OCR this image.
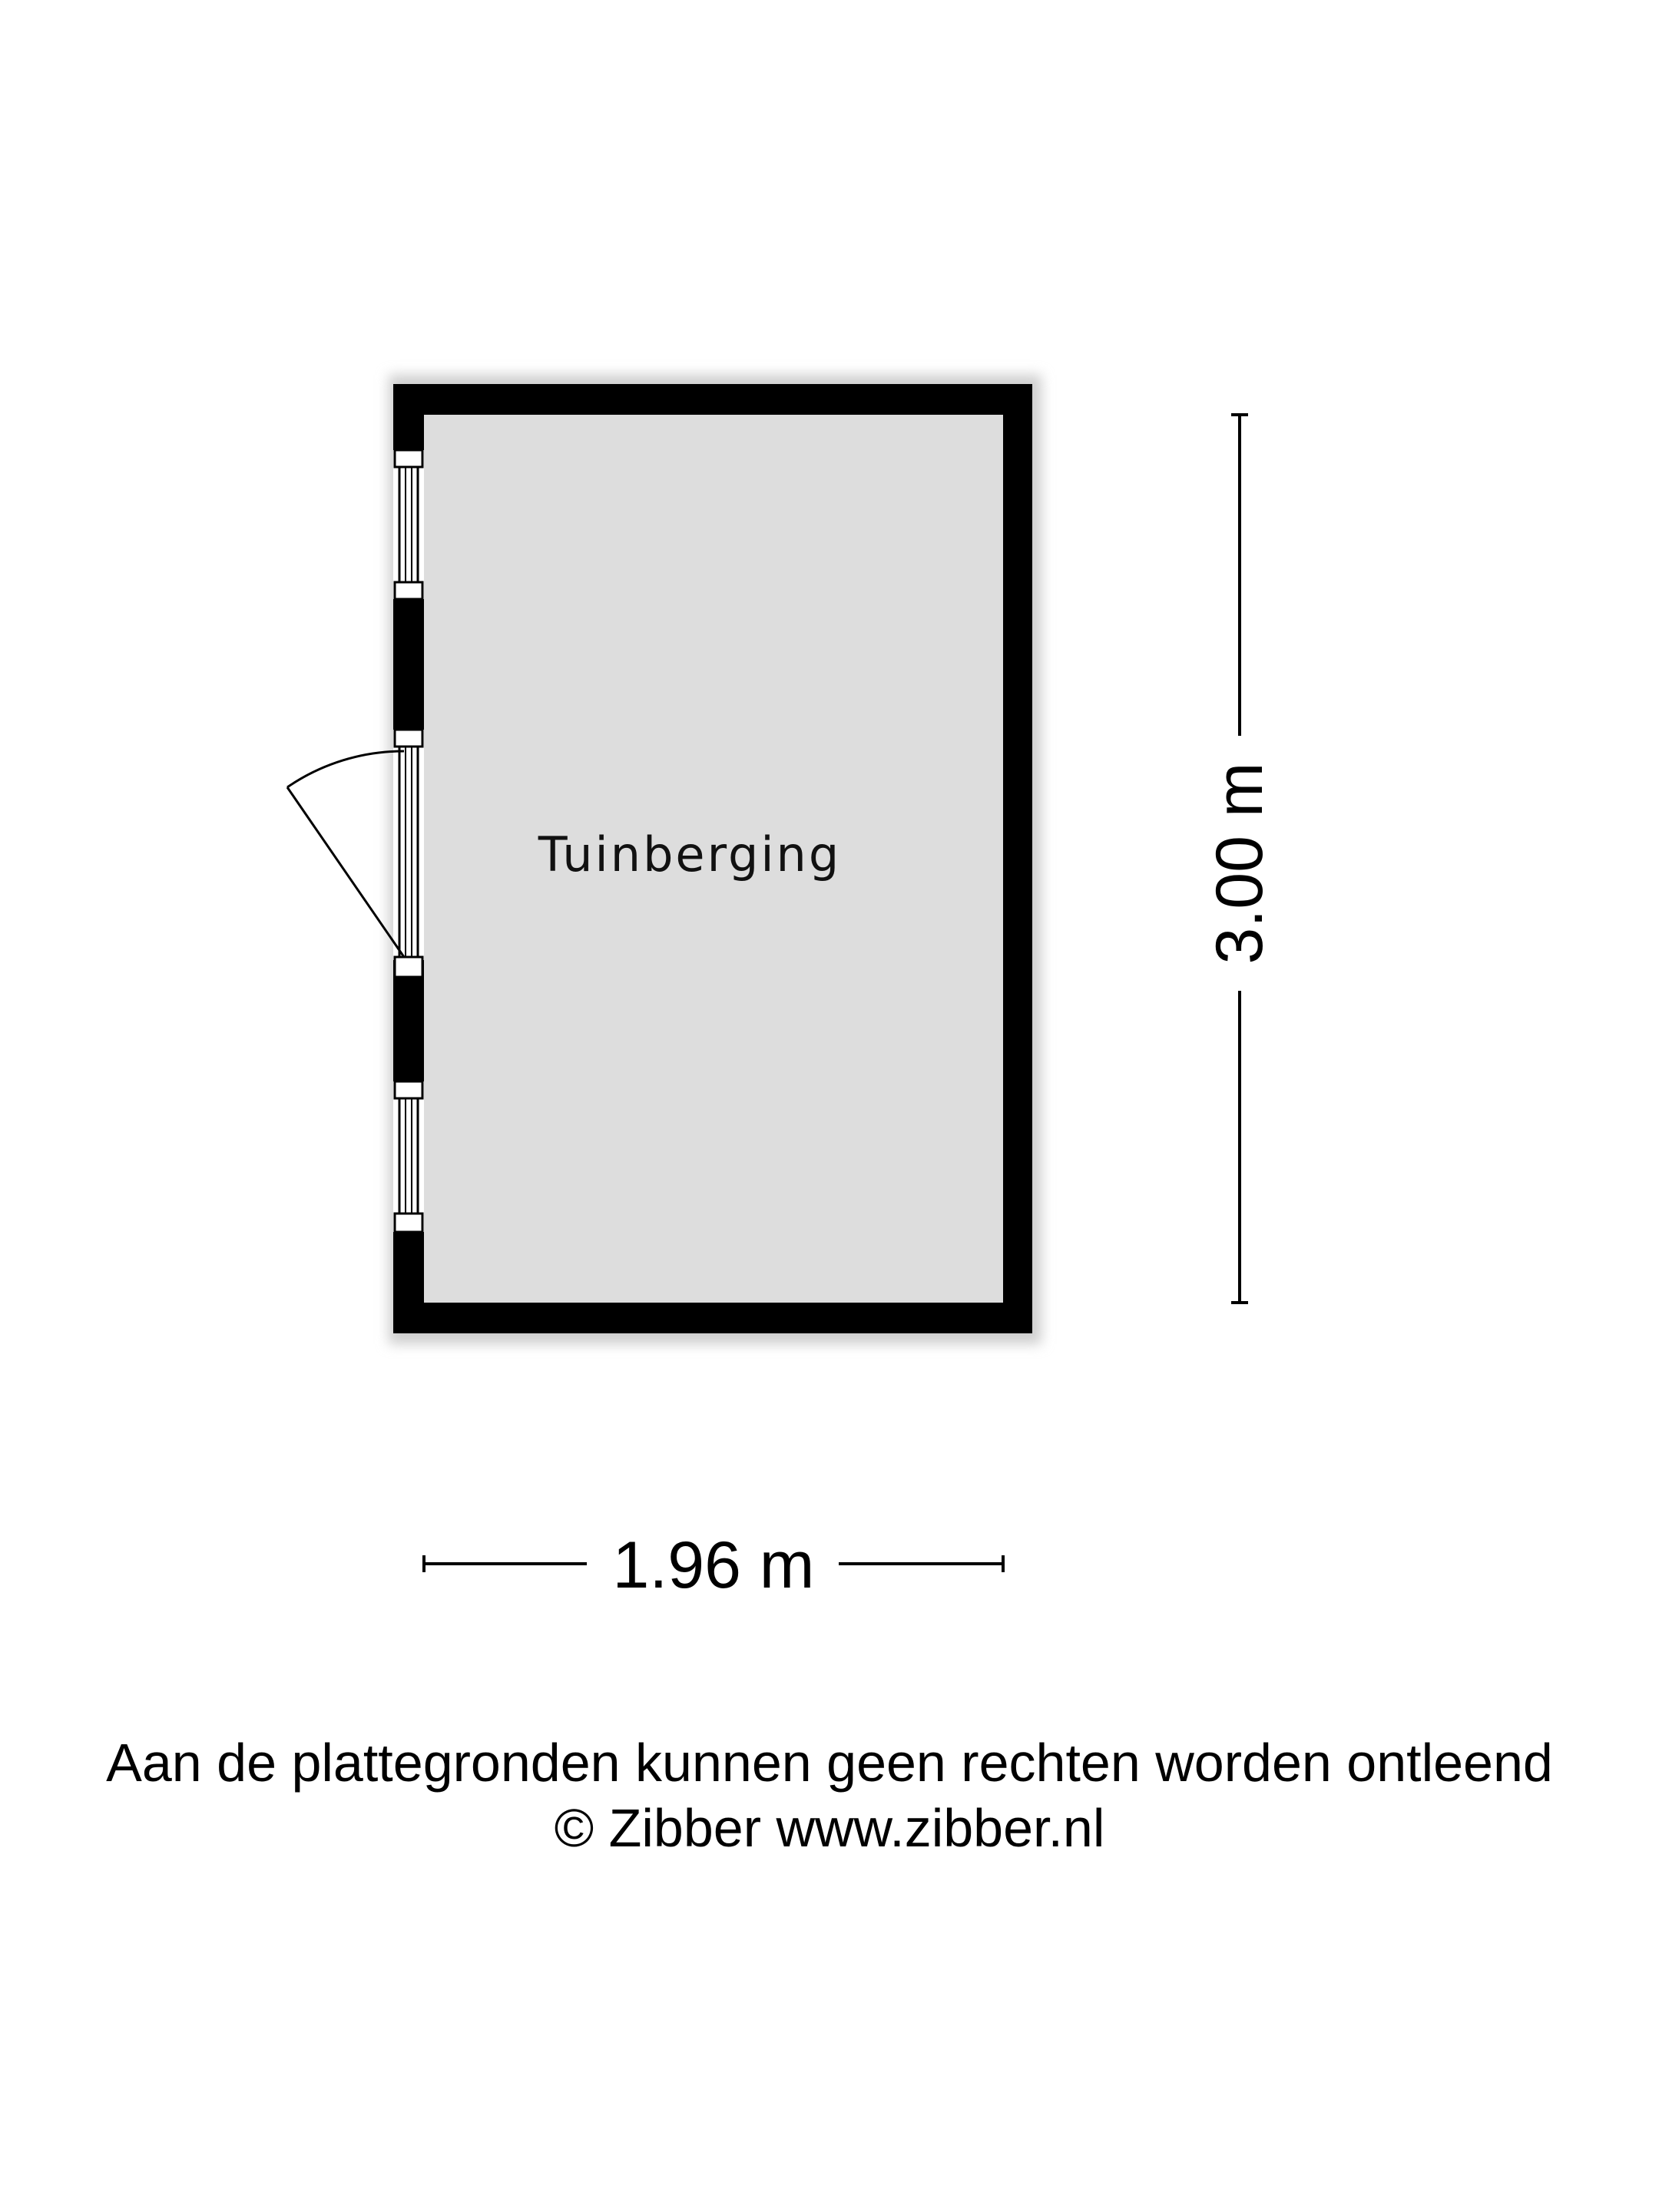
Tuinberging	3.00 m
1.96 m
Aan de plattegronden kunnen geen rechten worden ontleend
© Zibber www.zibber.nl
